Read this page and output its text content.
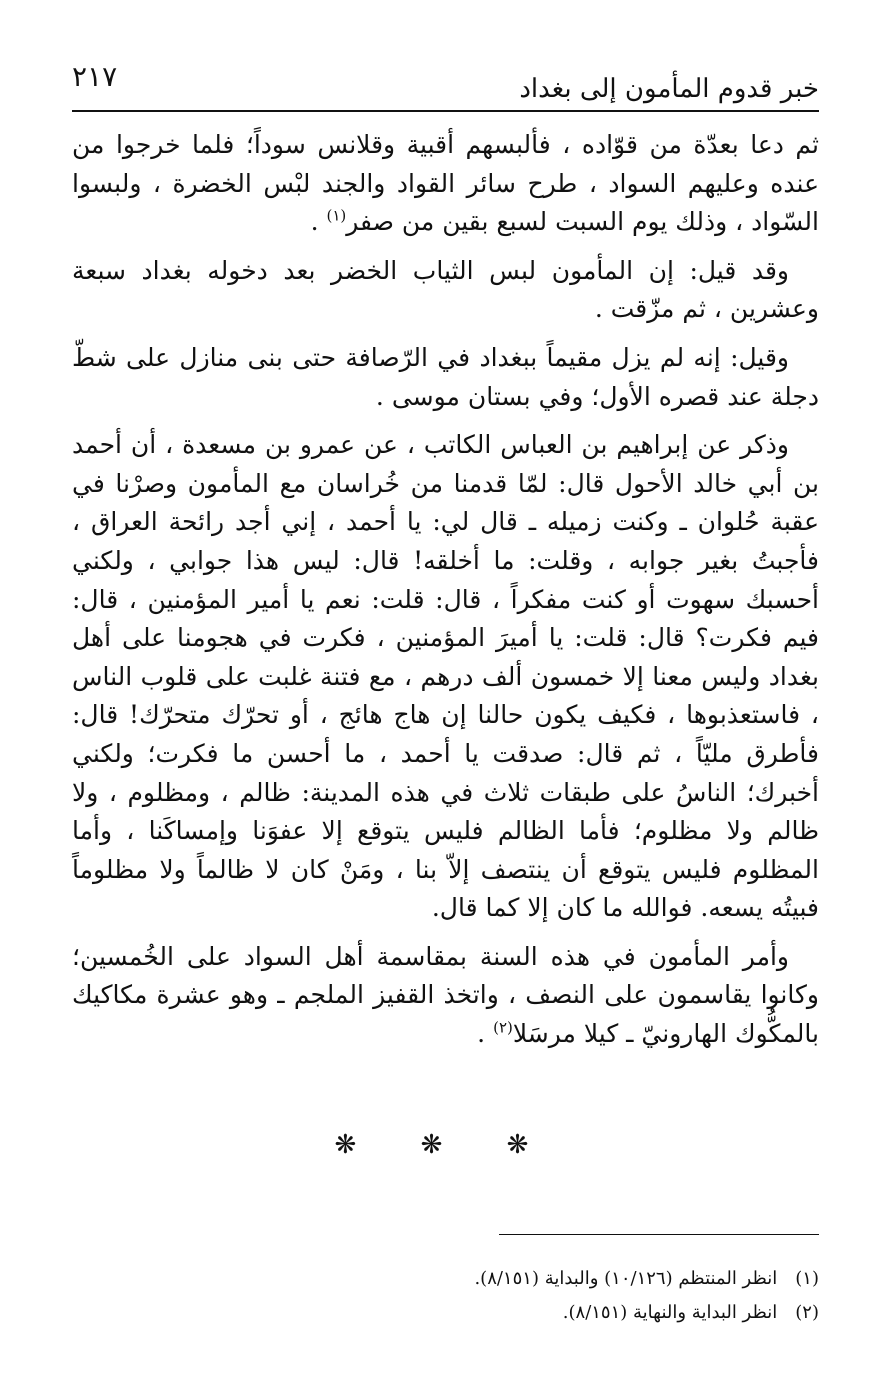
خبر قدوم المأمون إلى بغداد
٢١٧

ثم دعا بعدّة من قوّاده ، فألبسهم أقبية وقلانس سوداً؛ فلما خرجوا من عنده وعليهم السواد ، طرح سائر القواد والجند لبْس الخضرة ، ولبسوا السّواد ، وذلك يوم السبت لسبع بقين من صفر$^{(١)}$ .

وقد قيل: إن المأمون لبس الثياب الخضر بعد دخوله بغداد سبعة وعشرين ، ثم مزّقت .

وقيل: إنه لم يزل مقيماً ببغداد في الرّصافة حتى بنى منازل على شطّ دجلة عند قصره الأول؛ وفي بستان موسى .

وذكر عن إبراهيم بن العباس الكاتب ، عن عمرو بن مسعدة ، أن أحمد بن أبي خالد الأحول قال: لمّا قدمنا من خُراسان مع المأمون وصرْنا في عقبة حُلوان ـ وكنت زميله ـ قال لي: يا أحمد ، إني أجد رائحة العراق ، فأجبتُ بغير جوابه ، وقلت: ما أخلقه! قال: ليس هذا جوابي ، ولكني أحسبك سهوت أو كنت مفكراً ، قال: قلت: نعم يا أمير المؤمنين ، قال: فيم فكرت؟ قال: قلت: يا أميرَ المؤمنين ، فكرت في هجومنا على أهل بغداد وليس معنا إلا خمسون ألف درهم ، مع فتنة غلبت على قلوب الناس ، فاستعذبوها ، فكيف يكون حالنا إن هاج هائج ، أو تحرّك متحرّك! قال: فأطرق مليّاً ، ثم قال: صدقت يا أحمد ، ما أحسن ما فكرت؛ ولكني أخبرك؛ الناسُ على طبقات ثلاث في هذه المدينة: ظالم ، ومظلوم ، ولا ظالم ولا مظلوم؛ فأما الظالم فليس يتوقع إلا عفوَنا وإمساكَنا ، وأما المظلوم فليس يتوقع أن ينتصف إلاّ بنا ، ومَنْ كان لا ظالماً ولا مظلوماً فبيتُه يسعه. فوالله ما كان إلا كما قال.

وأمر المأمون في هذه السنة بمقاسمة أهل السواد على الخُمسين؛ وكانوا يقاسمون على النصف ، واتخذ القفيز الملجم ـ وهو عشرة مكاكيك بالمكُّوك الهارونيّ ـ كيلا مرسَلا$^{(٢)}$ .

❋ ❋ ❋
(١)انظر المنتظم (١٠/١٢٦) والبداية (٨/١٥١).
(٢)انظر البداية والنهاية (٨/١٥١).
